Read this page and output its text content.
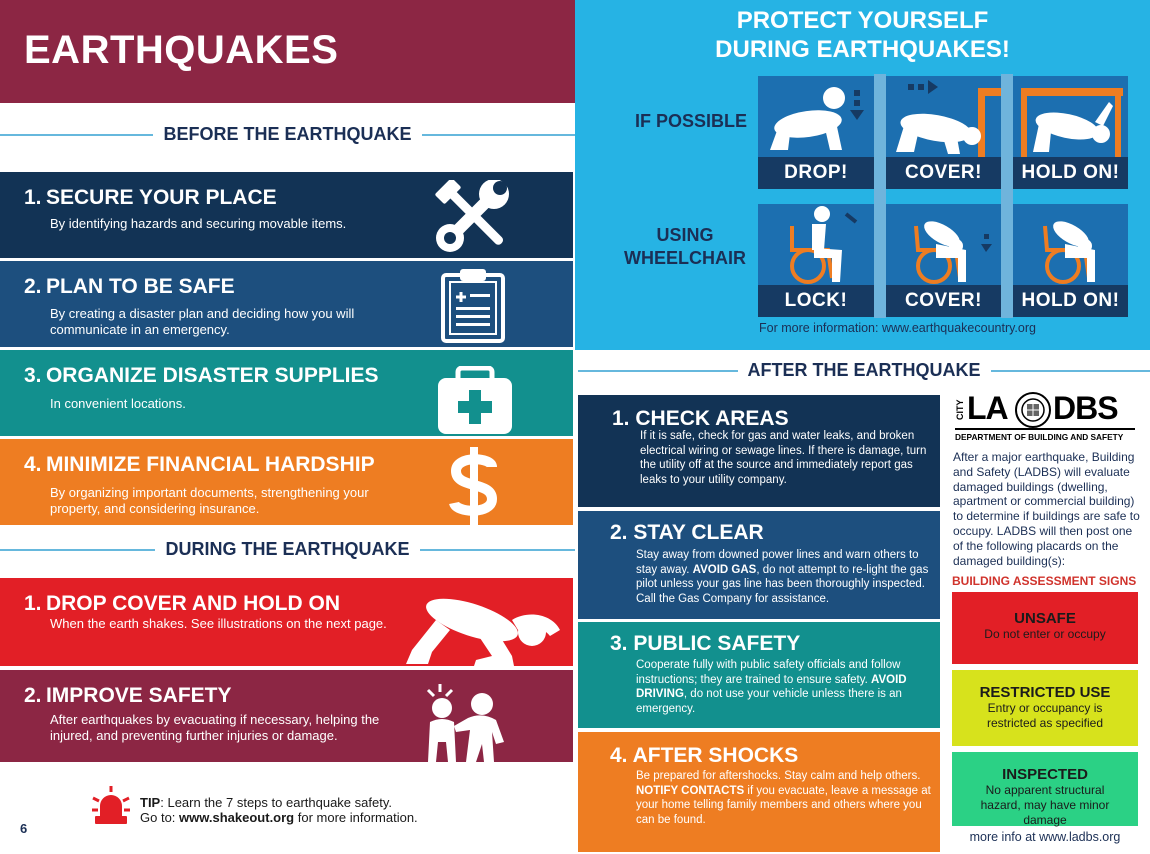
EARTHQUAKES
BEFORE THE EARTHQUAKE
1. SECURE YOUR PLACE
By identifying hazards and securing movable items.
2. PLAN TO BE SAFE
By creating a disaster plan and deciding how you will communicate in an emergency.
3. ORGANIZE DISASTER SUPPLIES
In convenient locations.
4. MINIMIZE FINANCIAL HARDSHIP
By organizing important documents, strengthening your property, and considering insurance.
DURING THE EARTHQUAKE
1. DROP COVER AND HOLD ON
When the earth shakes. See illustrations on the next page.
2. IMPROVE SAFETY
After earthquakes by evacuating if necessary, helping the injured, and preventing further injuries or damage.
TIP: Learn the 7 steps to earthquake safety.
Go to: www.shakeout.org for more information.
6
PROTECT YOURSELF
DURING EARTHQUAKES!
IF POSSIBLE
USING
WHEELCHAIR
DROP!	COVER!	HOLD ON!
LOCK!	COVER!	HOLD ON!
For more information: www.earthquakecountry.org
AFTER THE EARTHQUAKE
1. CHECK AREAS
If it is safe, check for gas and water leaks, and broken electrical wiring or sewage lines. If there is damage, turn the utility off at the source and immediately report gas leaks to your utility company.
2. STAY CLEAR
Stay away from downed power lines and warn others to stay away. AVOID GAS, do not attempt to re-light the gas pilot unless your gas line has been thoroughly inspected. Call the Gas Company for assistance.
3. PUBLIC SAFETY
Cooperate fully with public safety officials and follow instructions; they are trained to ensure safety. AVOID DRIVING, do not use your vehicle unless there is an emergency.
4. AFTER SHOCKS
Be prepared for aftershocks. Stay calm and help others. NOTIFY CONTACTS if you evacuate, leave a message at your home telling family members and others where you can be found.
CITY LA DBS
DEPARTMENT OF BUILDING AND SAFETY
After a major earthquake, Building and Safety (LADBS) will evaluate damaged buildings (dwelling, apartment or commercial building) to determine if buildings are safe to occupy. LADBS will then post one of the following placards on the damaged building(s):
BUILDING ASSESSMENT SIGNS
UNSAFE
Do not enter or occupy
RESTRICTED USE
Entry or occupancy is restricted as specified
INSPECTED
No apparent structural hazard, may have minor damage
more info at www.ladbs.org
